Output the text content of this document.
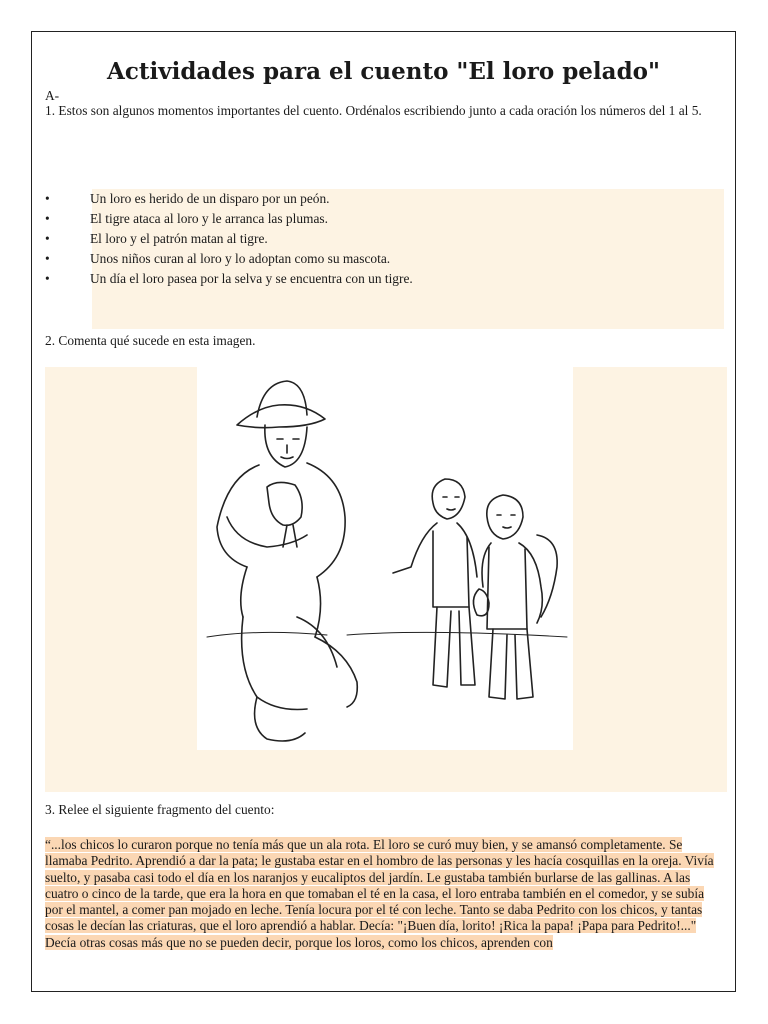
Actividades para el cuento "El loro pelado"
A-
1. Estos son algunos momentos importantes del cuento. Ordénalos escribiendo junto a cada oración los números del 1 al 5.
•	Un loro es herido de un disparo por un peón.
•	El tigre ataca al loro y le arranca las plumas.
•	El loro y el patrón matan al tigre.
•	Unos niños curan al loro y lo adoptan como su mascota.
•	Un día el loro pasea por la selva y se encuentra con un tigre.
2. Comenta qué sucede en esta imagen.
3. Relee el siguiente fragmento del cuento:
“...los chicos lo curaron porque no tenía más que un ala rota. El loro se curó muy bien, y se amansó completamente. Se llamaba Pedrito. Aprendió a dar la pata; le gustaba estar en el hombro de las personas y les hacía cosquillas en la oreja. Vivía suelto, y pasaba casi todo el día en los naranjos y eucaliptos del jardín. Le gustaba también burlarse de las gallinas. A las cuatro o cinco de la tarde, que era la hora en que tomaban el té en la casa, el loro entraba también en el comedor, y se subía por el mantel, a comer pan mojado en leche. Tenía locura por el té con leche. Tanto se daba Pedrito con los chicos, y tantas cosas le decían las criaturas, que el loro aprendió a hablar. Decía: "¡Buen día, lorito! ¡Rica la papa! ¡Papa para Pedrito!..." Decía otras cosas más que no se pueden decir, porque los loros, como los chicos, aprenden con
